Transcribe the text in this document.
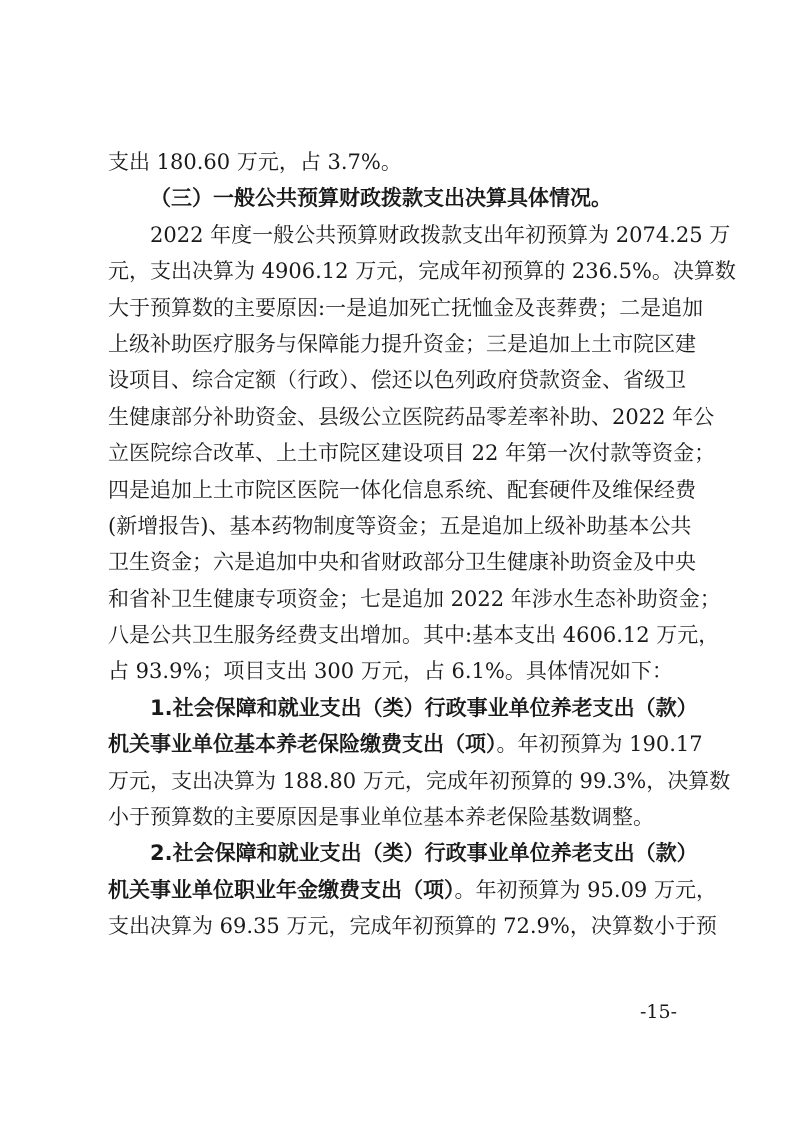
支出 180.60 万元，占 3.7%。
（三）一般公共预算财政拨款支出决算具体情况。
2022 年度一般公共预算财政拨款支出年初预算为 2074.25 万
元，支出决算为 4906.12 万元，完成年初预算的 236.5%。决算数
大于预算数的主要原因:一是追加死亡抚恤金及丧葬费；二是追加
上级补助医疗服务与保障能力提升资金；三是追加上土市院区建
设项目、综合定额（行政）、偿还以色列政府贷款资金、省级卫
生健康部分补助资金、县级公立医院药品零差率补助、2022 年公
立医院综合改革、上土市院区建设项目 22 年第一次付款等资金；
四是追加上土市院区医院一体化信息系统、配套硬件及维保经费
(新增报告)、基本药物制度等资金；五是追加上级补助基本公共
卫生资金；六是追加中央和省财政部分卫生健康补助资金及中央
和省补卫生健康专项资金；七是追加 2022 年涉水生态补助资金；
八是公共卫生服务经费支出增加。其中:基本支出 4606.12 万元，
占 93.9%；项目支出 300 万元，占 6.1%。具体情况如下：
1.社会保障和就业支出（类）行政事业单位养老支出（款）
机关事业单位基本养老保险缴费支出（项）。年初预算为 190.17
万元，支出决算为 188.80 万元，完成年初预算的 99.3%，决算数
小于预算数的主要原因是事业单位基本养老保险基数调整。
2.社会保障和就业支出（类）行政事业单位养老支出（款）
机关事业单位职业年金缴费支出（项）。年初预算为 95.09 万元，
支出决算为 69.35 万元，完成年初预算的 72.9%，决算数小于预
-15-
